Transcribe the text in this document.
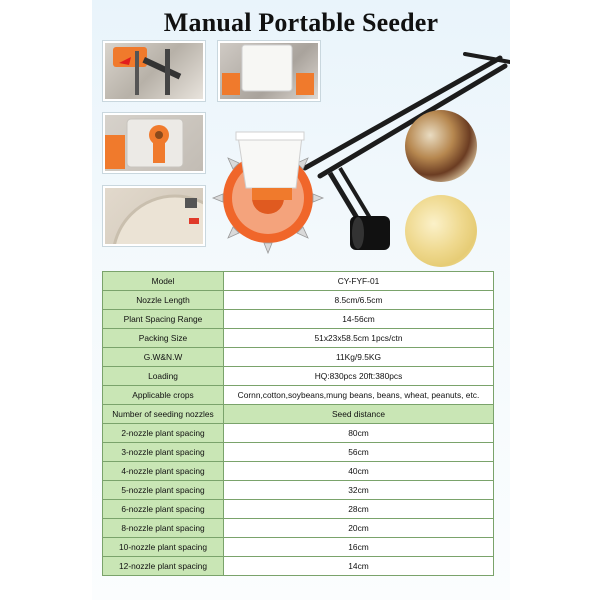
Manual Portable Seeder
Model	CY-FYF-01
Nozzle Length	8.5cm/6.5cm
Plant Spacing Range	14-56cm
Packing Size	51x23x58.5cm 1pcs/ctn
G.W&N.W	11Kg/9.5KG
Loading	HQ:830pcs 20ft:380pcs
Applicable crops	Cornn,cotton,soybeans,mung beans, beans, wheat, peanuts, etc.
Number of seeding nozzles	Seed distance
2-nozzle plant spacing	80cm
3-nozzle plant spacing	56cm
4-nozzle plant spacing	40cm
5-nozzle plant spacing	32cm
6-nozzle plant spacing	28cm
8-nozzle plant spacing	20cm
10-nozzle plant spacing	16cm
12-nozzle plant spacing	14cm
